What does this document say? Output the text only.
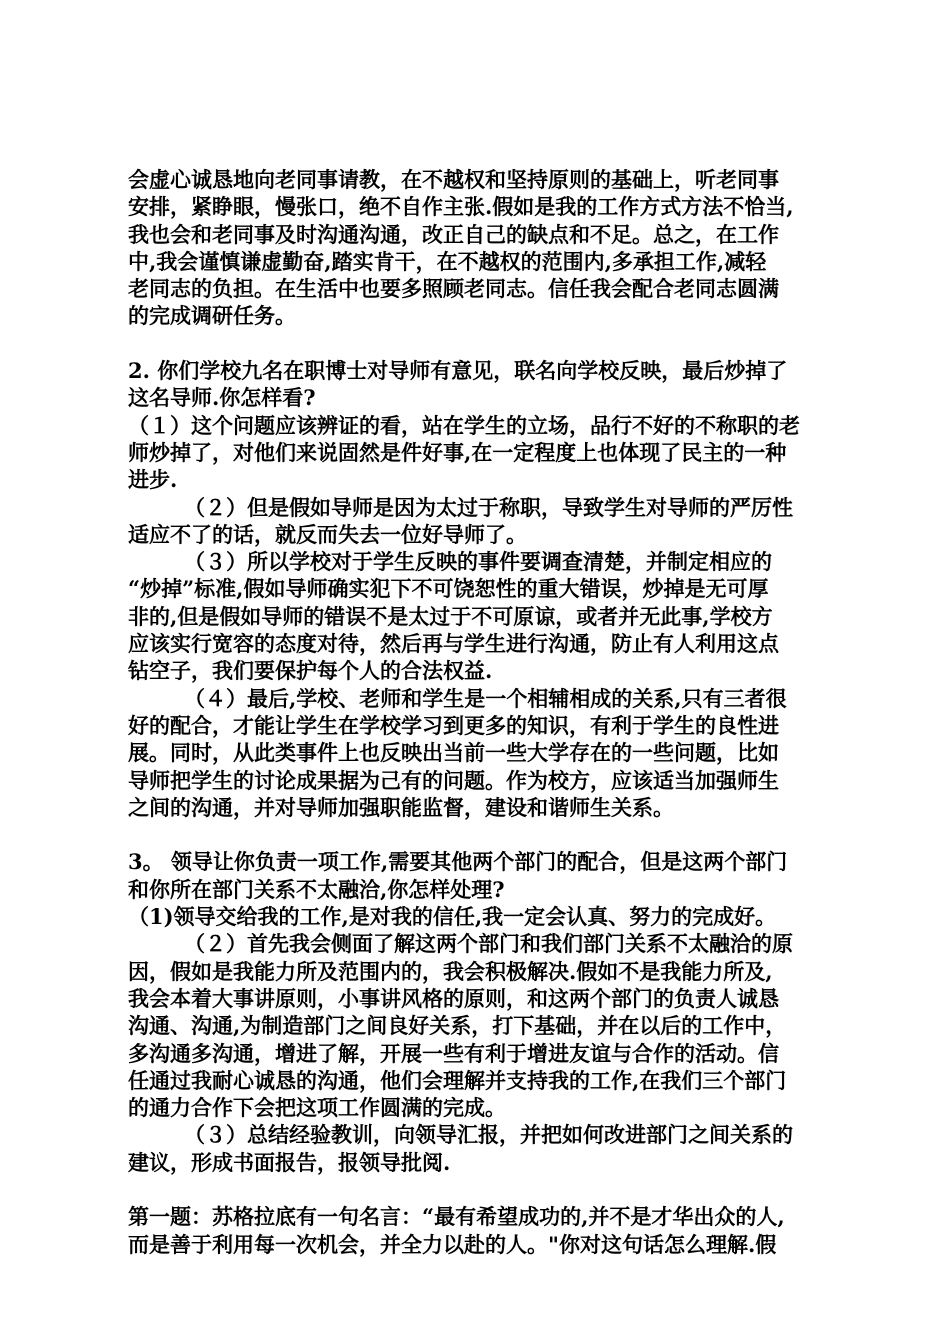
会虚心诚恳地向老同事请教，在不越权和坚持原则的基础上，听老同事
安排，紧睁眼，慢张口，绝不自作主张.假如是我的工作方式方法不恰当,
我也会和老同事及时沟通沟通，改正自己的缺点和不足。总之，在工作
中,我会谨慎谦虚勤奋,踏实肯干，在不越权的范围内,多承担工作,减轻
老同志的负担。在生活中也要多照顾老同志。信任我会配合老同志圆满
的完成调研任务。
2. 你们学校九名在职博士对导师有意见，联名向学校反映，最后炒掉了
这名导师.你怎样看?
（１）这个问题应该辨证的看，站在学生的立场，品行不好的不称职的老
师炒掉了，对他们来说固然是件好事,在一定程度上也体现了民主的一种
进步.
（２）但是假如导师是因为太过于称职，导致学生对导师的严厉性
适应不了的话，就反而失去一位好导师了。
（３）所以学校对于学生反映的事件要调查清楚，并制定相应的
“炒掉”标准,假如导师确实犯下不可饶恕性的重大错误，炒掉是无可厚
非的,但是假如导师的错误不是太过于不可原谅，或者并无此事,学校方
应该实行宽容的态度对待，然后再与学生进行沟通，防止有人利用这点
钻空子，我们要保护每个人的合法权益.
（４）最后,学校、老师和学生是一个相辅相成的关系,只有三者很
好的配合，才能让学生在学校学习到更多的知识，有利于学生的良性进
展。同时，从此类事件上也反映出当前一些大学存在的一些问题，比如
导师把学生的讨论成果据为己有的问题。作为校方，应该适当加强师生
之间的沟通，并对导师加强职能监督，建设和谐师生关系。
3。 领导让你负责一项工作,需要其他两个部门的配合，但是这两个部门
和你所在部门关系不太融洽,你怎样处理?
（1)领导交给我的工作,是对我的信任,我一定会认真、努力的完成好。
（２）首先我会侧面了解这两个部门和我们部门关系不太融洽的原
因，假如是我能力所及范围内的，我会积极解决.假如不是我能力所及,
我会本着大事讲原则，小事讲风格的原则，和这两个部门的负责人诚恳
沟通、沟通,为制造部门之间良好关系，打下基础，并在以后的工作中，
多沟通多沟通，增进了解，开展一些有利于增进友谊与合作的活动。信
任通过我耐心诚恳的沟通，他们会理解并支持我的工作,在我们三个部门
的通力合作下会把这项工作圆满的完成。
（３）总结经验教训，向领导汇报，并把如何改进部门之间关系的
建议，形成书面报告，报领导批阅.
第一题：苏格拉底有一句名言：“最有希望成功的,并不是才华出众的人,
而是善于利用每一次机会，并全力以赴的人。"你对这句话怎么理解.假
